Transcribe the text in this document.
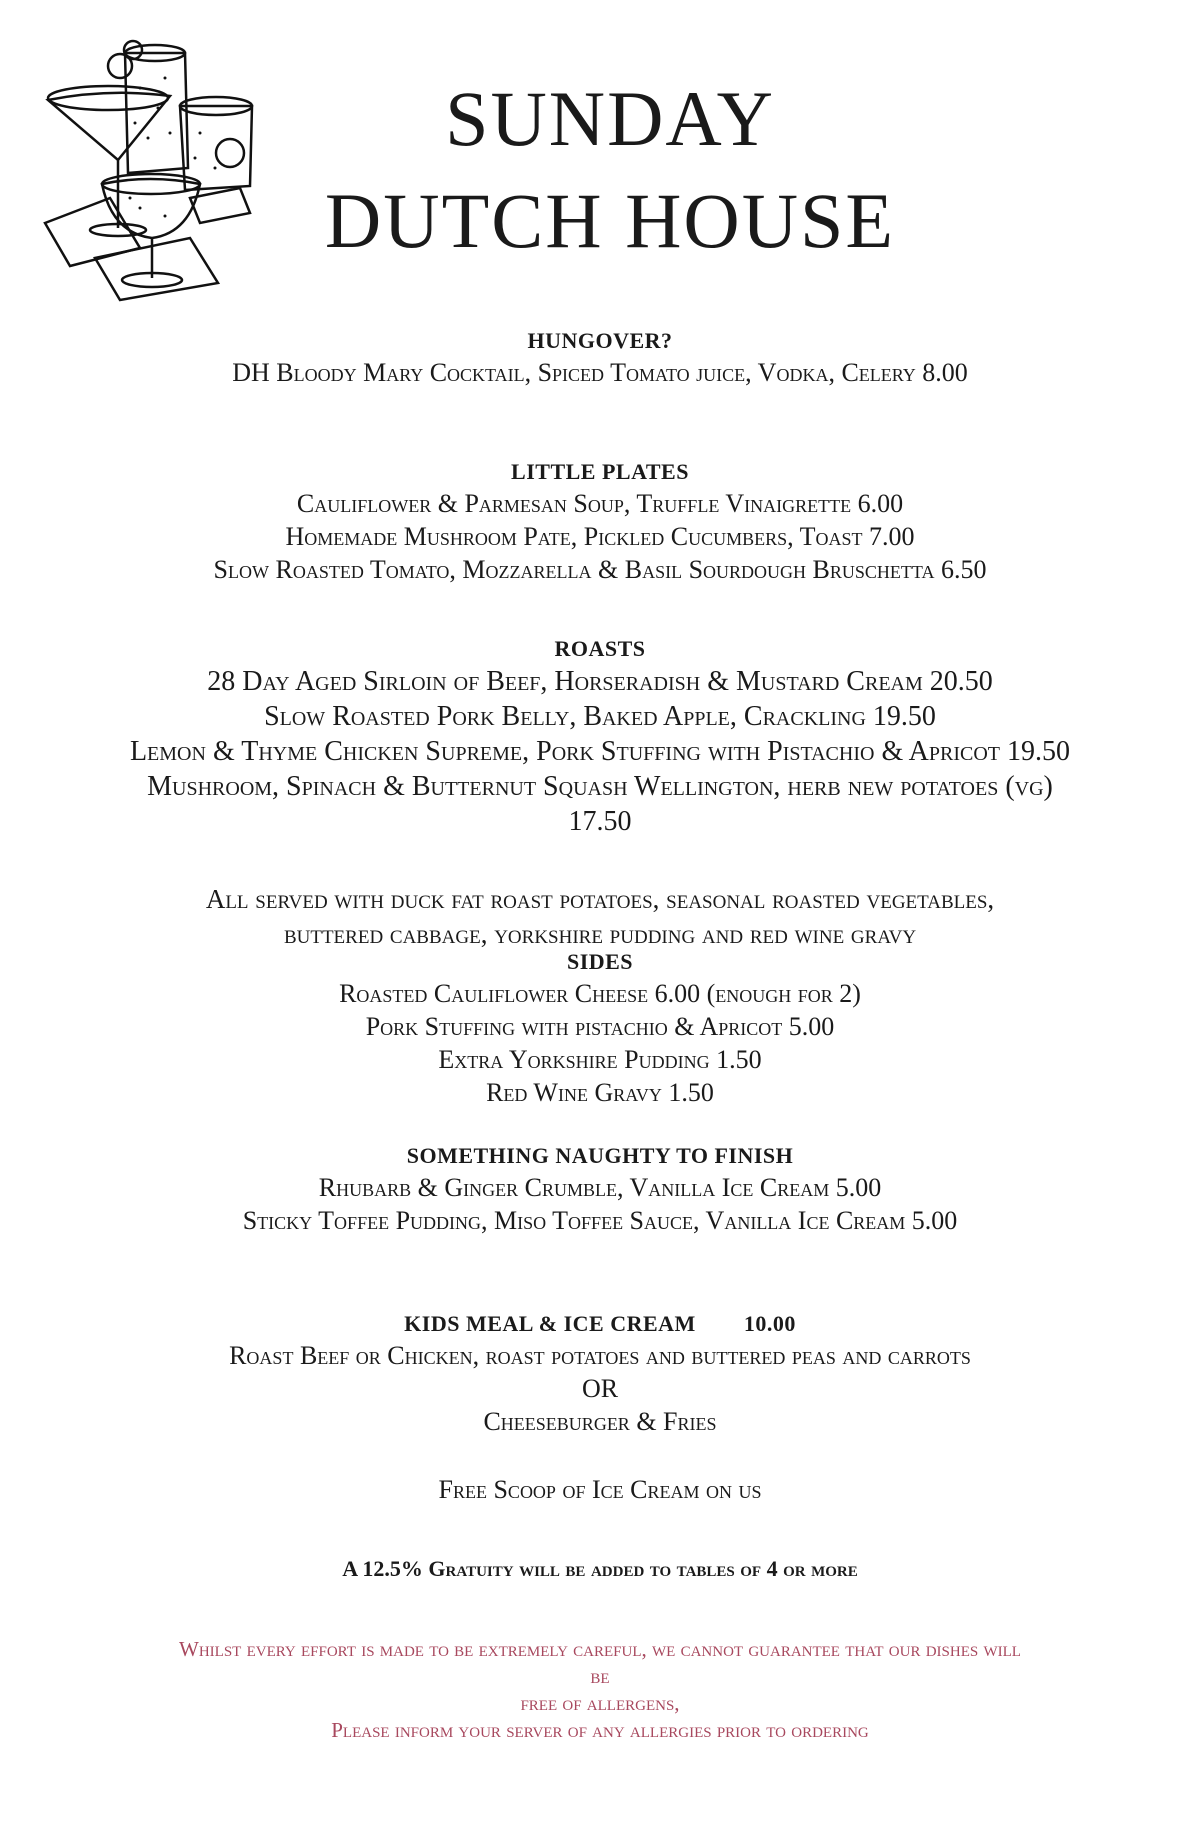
SUNDAY
DUTCH HOUSE
HUNGOVER?
DH Bloody Mary Cocktail, Spiced Tomato juice, Vodka, Celery 8.00
LITTLE PLATES
Cauliflower & Parmesan Soup, Truffle Vinaigrette 6.00
Homemade Mushroom Pate, Pickled Cucumbers, Toast 7.00
Slow Roasted Tomato, Mozzarella & Basil Sourdough Bruschetta 6.50
ROASTS
28 Day Aged Sirloin of Beef, Horseradish & Mustard Cream 20.50
Slow Roasted Pork Belly, Baked Apple, Crackling 19.50
Lemon & Thyme Chicken Supreme, Pork Stuffing with Pistachio & Apricot 19.50
Mushroom, Spinach & Butternut Squash Wellington, herb new potatoes (vg)
17.50
All served with duck fat roast potatoes, seasonal roasted vegetables,
buttered cabbage, yorkshire pudding and red wine gravy
SIDES
Roasted Cauliflower Cheese 6.00 (enough for 2)
Pork Stuffing with pistachio & Apricot 5.00
Extra Yorkshire Pudding 1.50
Red Wine Gravy 1.50
SOMETHING NAUGHTY TO FINISH
Rhubarb & Ginger Crumble, Vanilla Ice Cream 5.00
Sticky Toffee Pudding, Miso Toffee Sauce, Vanilla Ice Cream 5.00
KIDS MEAL & ICE CREAM 10.00
Roast Beef or Chicken, roast potatoes and buttered peas and carrots
OR
Cheeseburger & Fries
Free Scoop of Ice Cream on us
A 12.5% Gratuity will be added to tables of 4 or more
Whilst every effort is made to be extremely careful, we cannot guarantee that our dishes will
be
free of allergens,
Please inform your server of any allergies prior to ordering
